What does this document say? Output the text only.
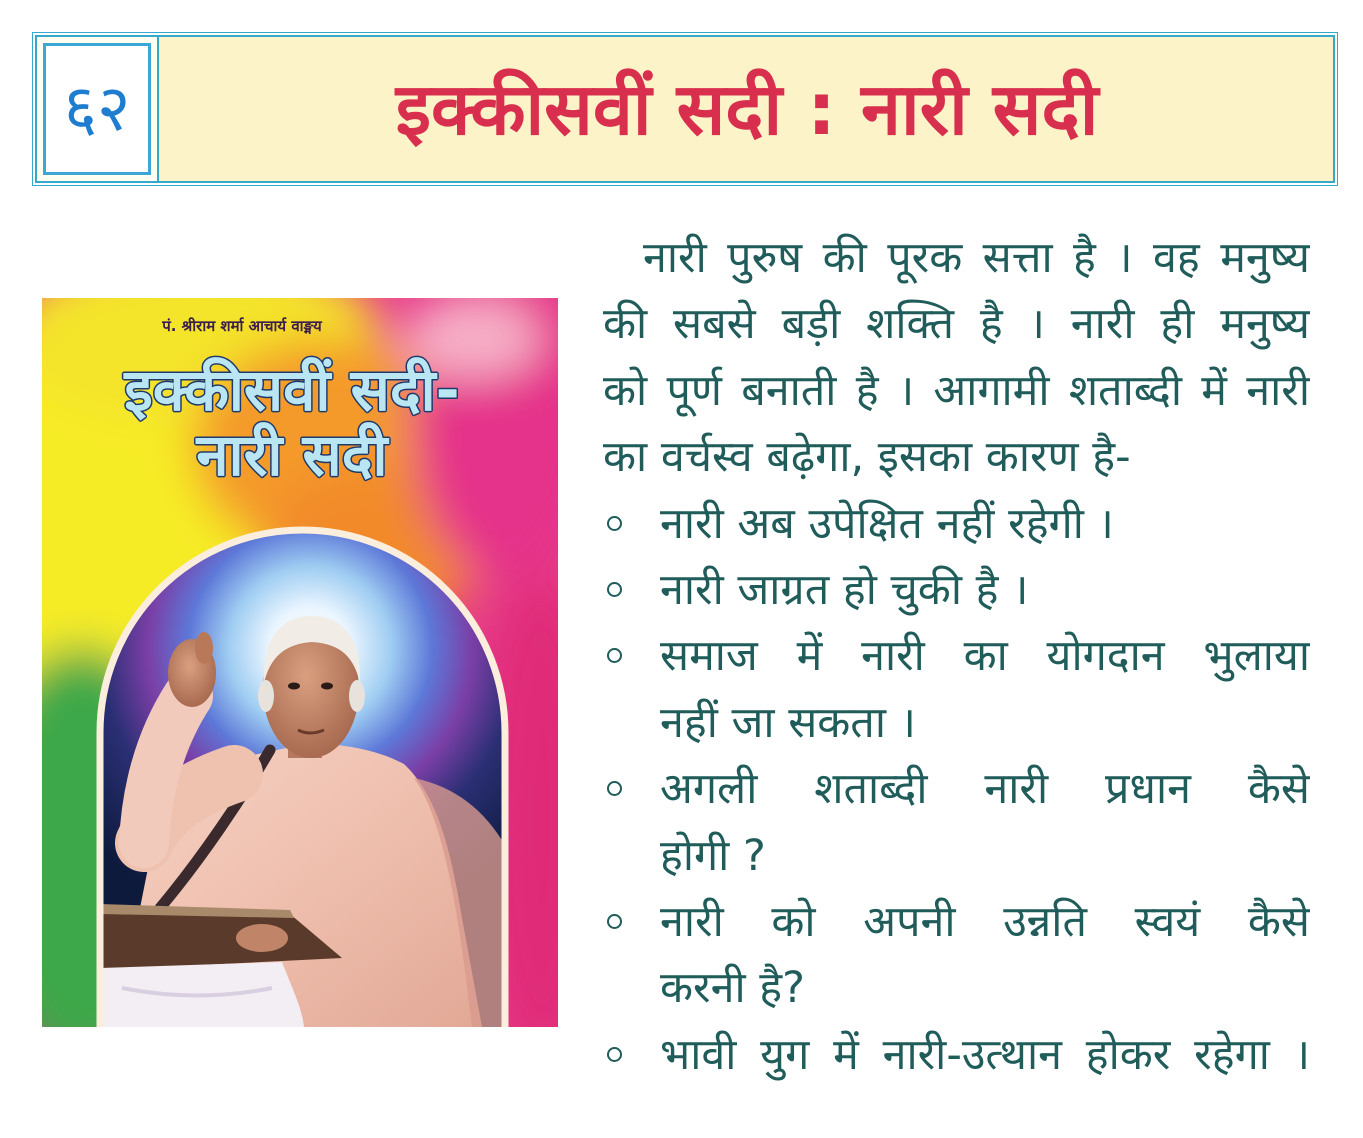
६२	इक्कीसवीं सदी : नारी सदी
पं. श्रीराम शर्मा आचार्य वाङ्मय
इक्कीसवीं सदी-
नारी सदी
नारी पुरुष की पूरक सत्ता है । वह मनुष्य
की सबसे बड़ी शक्ति है । नारी ही मनुष्य
को पूर्ण बनाती है । आगामी शताब्दी में नारी
का वर्चस्व बढ़ेगा, इसका कारण है-
नारी अब उपेक्षित नहीं रहेगी ।
नारी जाग्रत हो चुकी है ।
समाज में नारी का योगदान भुलाया
नहीं जा सकता ।
अगली शताब्दी नारी प्रधान कैसे
होगी ?
नारी को अपनी उन्नति स्वयं कैसे
करनी है?
भावी युग में नारी-उत्थान होकर रहेगा ।
